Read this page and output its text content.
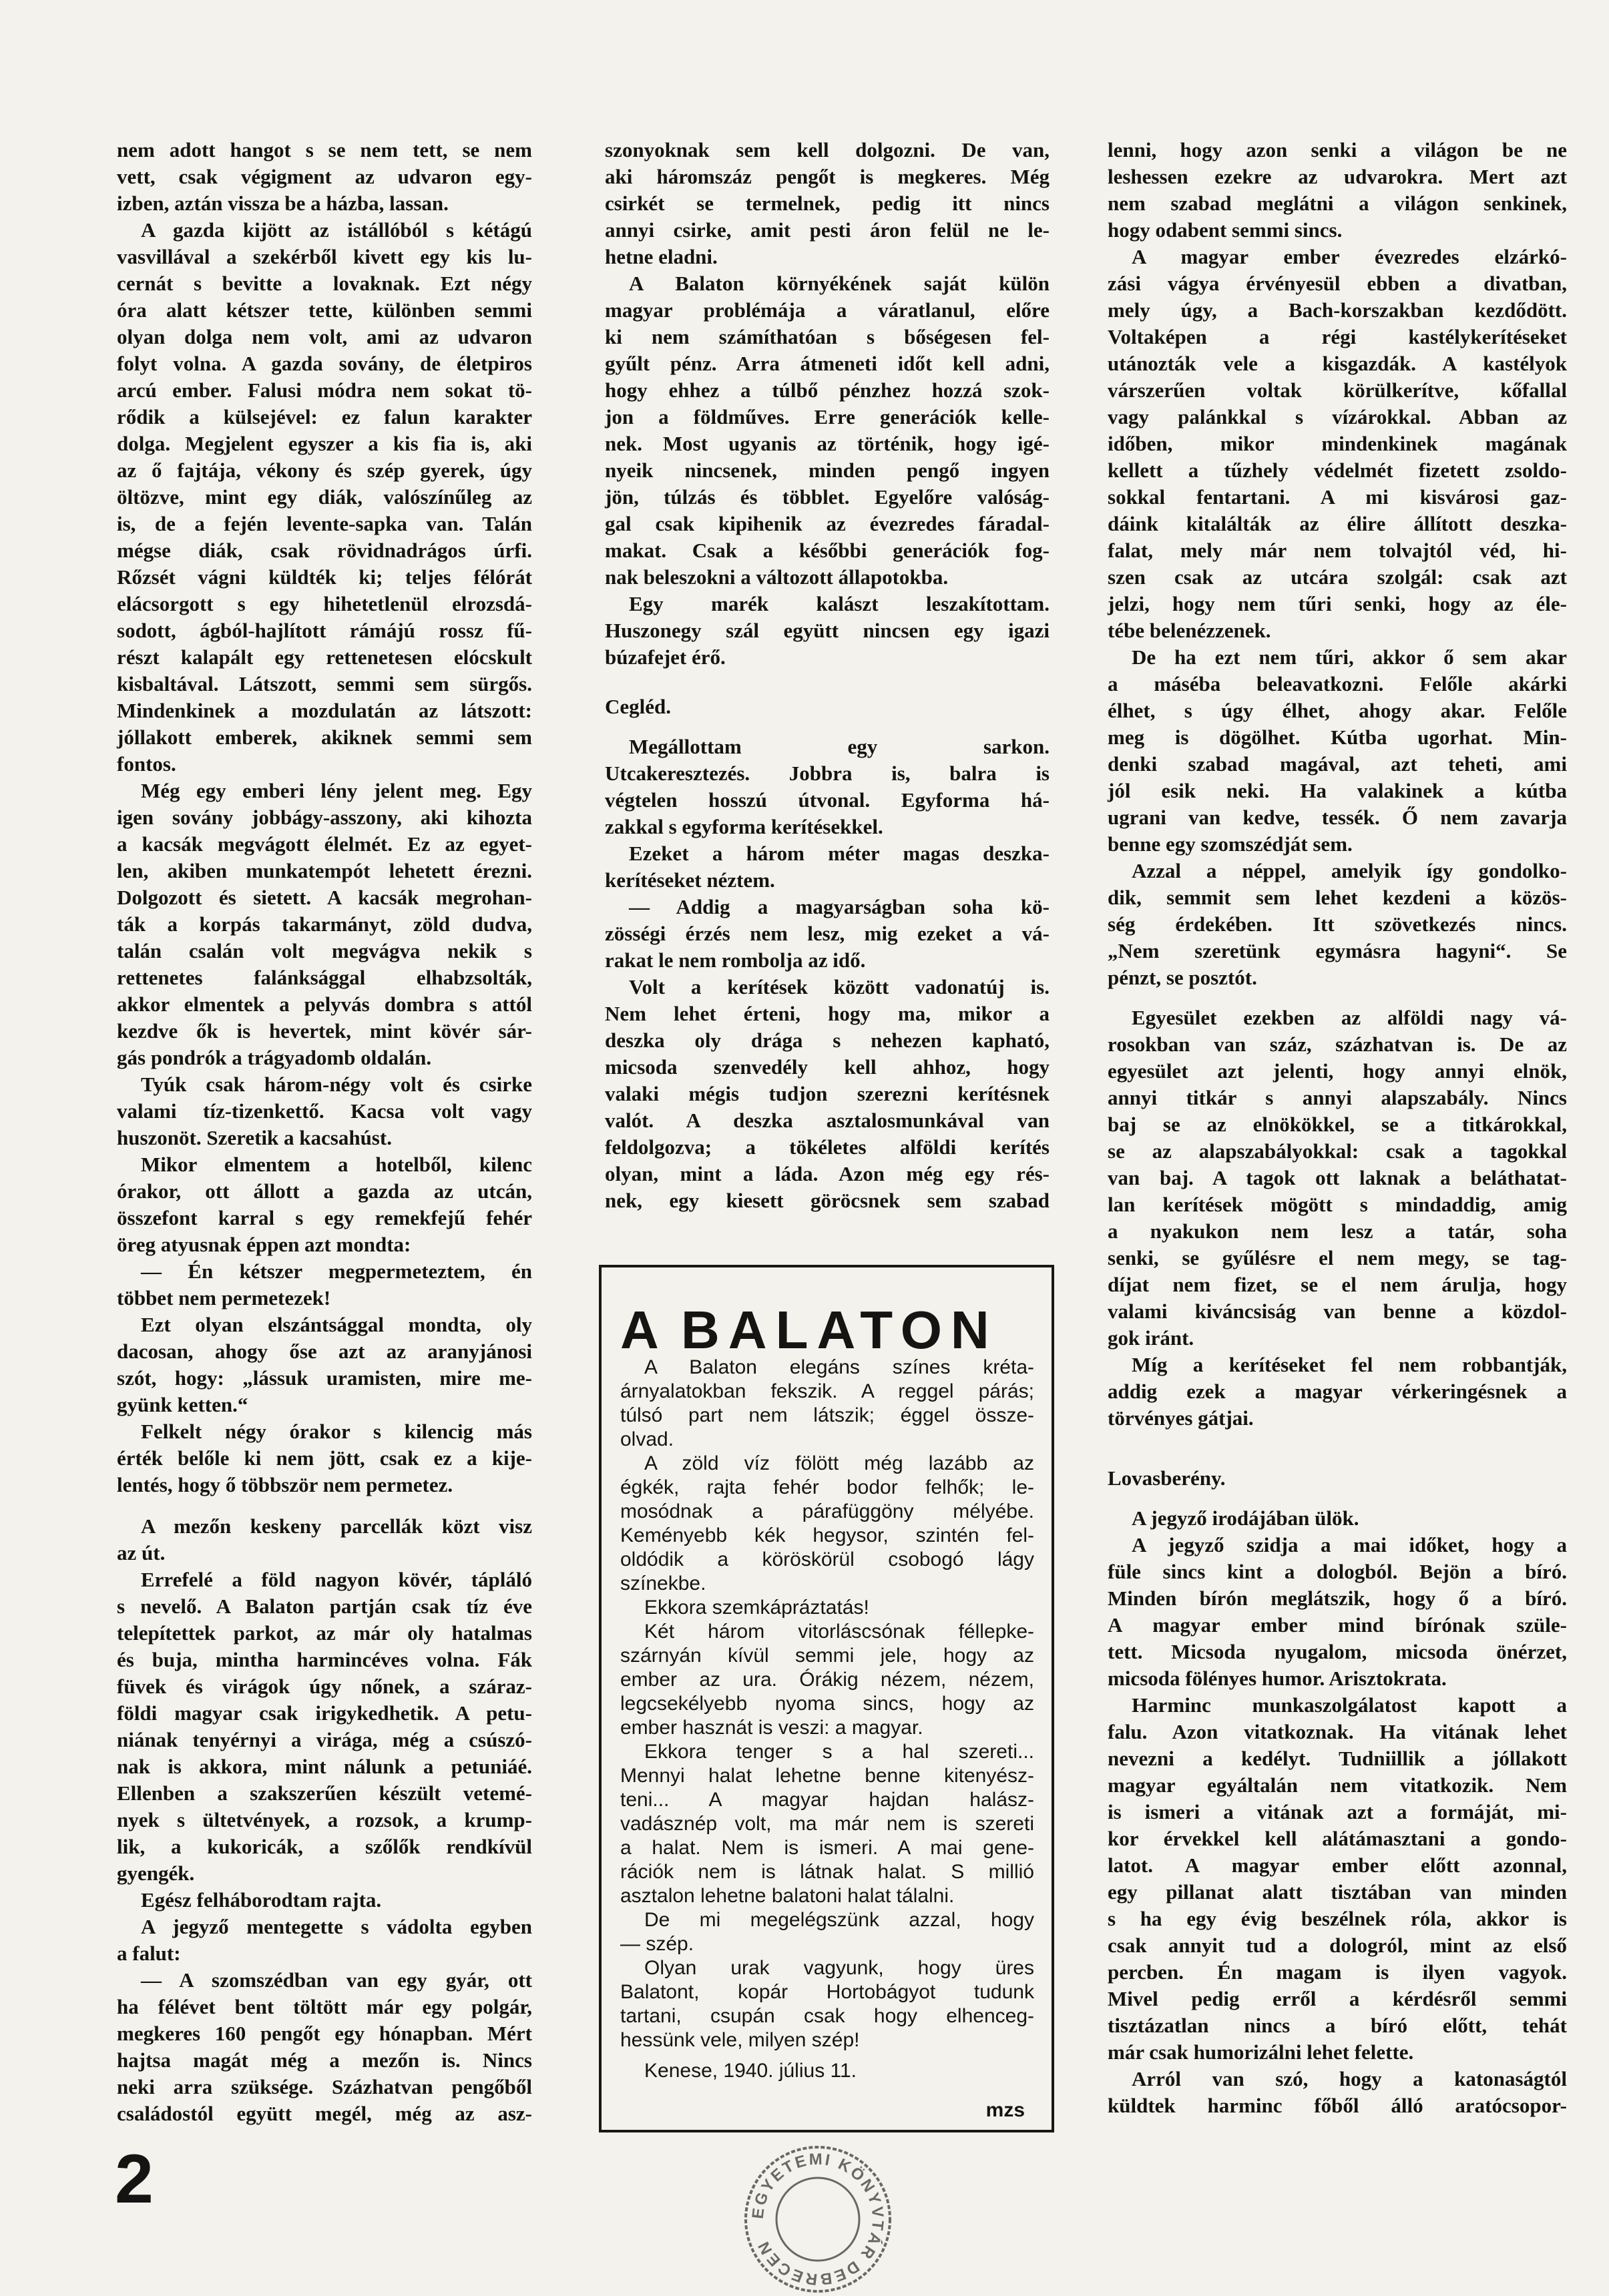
nem adott hangot s se nem tett, se nem
vett, csak végigment az udvaron egy-
izben, aztán vissza be a házba, lassan.
A gazda kijött az istállóból s kétágú
vasvillával a szekérből kivett egy kis lu-
cernát s bevitte a lovaknak. Ezt négy
óra alatt kétszer tette, különben semmi
olyan dolga nem volt, ami az udvaron
folyt volna. A gazda sovány, de életpiros
arcú ember. Falusi módra nem sokat tö-
rődik a külsejével: ez falun karakter
dolga. Megjelent egyszer a kis fia is, aki
az ő fajtája, vékony és szép gyerek, úgy
öltözve, mint egy diák, valószínűleg az
is, de a fején levente-sapka van. Talán
mégse diák, csak rövidnadrágos úrfi.
Rőzsét vágni küldték ki; teljes félórát
elácsorgott s egy hihetetlenül elrozsdá-
sodott, ágból-hajlított rámájú rossz fű-
részt kalapált egy rettenetesen elócskult
kisbaltával. Látszott, semmi sem sürgős.
Mindenkinek a mozdulatán az látszott:
jóllakott emberek, akiknek semmi sem
fontos.
Még egy emberi lény jelent meg. Egy
igen sovány jobbágy-asszony, aki kihozta
a kacsák megvágott élelmét. Ez az egyet-
len, akiben munkatempót lehetett érezni.
Dolgozott és sietett. A kacsák megrohan-
ták a korpás takarmányt, zöld dudva,
talán csalán volt megvágva nekik s
rettenetes falánksággal elhabzsolták,
akkor elmentek a pelyvás dombra s attól
kezdve ők is hevertek, mint kövér sár-
gás pondrók a trágyadomb oldalán.
Tyúk csak három-négy volt és csirke
valami tíz-tizenkettő. Kacsa volt vagy
huszonöt. Szeretik a kacsahúst.
Mikor elmentem a hotelből, kilenc
órakor, ott állott a gazda az utcán,
összefont karral s egy remekfejű fehér
öreg atyusnak éppen azt mondta:
— Én kétszer megpermeteztem, én
többet nem permetezek!
Ezt olyan elszántsággal mondta, oly
dacosan, ahogy őse azt az aranyjánosi
szót, hogy: „lássuk uramisten, mire me-
gyünk ketten.“
Felkelt négy órakor s kilencig más
érték belőle ki nem jött, csak ez a kije-
lentés, hogy ő többször nem permetez.
A mezőn keskeny parcellák közt visz
az út.
Errefelé a föld nagyon kövér, tápláló
s nevelő. A Balaton partján csak tíz éve
telepítettek parkot, az már oly hatalmas
és buja, mintha harmincéves volna. Fák
füvek és virágok úgy nőnek, a száraz-
földi magyar csak irigykedhetik. A petu-
niának tenyérnyi a virága, még a csúszó-
nak is akkora, mint nálunk a petuniáé.
Ellenben a szakszerűen készült vetemé-
nyek s ültetvények, a rozsok, a krump-
lik, a kukoricák, a szőlők rendkívül
gyengék.
Egész felháborodtam rajta.
A jegyző mentegette s vádolta egyben
a falut:
— A szomszédban van egy gyár, ott
ha félévet bent töltött már egy polgár,
megkeres 160 pengőt egy hónapban. Mért
hajtsa magát még a mezőn is. Nincs
neki arra szüksége. Százhatvan pengőből
családostól együtt megél, még az asz-
szonyoknak sem kell dolgozni. De van,
aki háromszáz pengőt is megkeres. Még
csirkét se termelnek, pedig itt nincs
annyi csirke, amit pesti áron felül ne le-
hetne eladni.
A Balaton környékének saját külön
magyar problémája a váratlanul, előre
ki nem számíthatóan s bőségesen fel-
gyűlt pénz. Arra átmeneti időt kell adni,
hogy ehhez a túlbő pénzhez hozzá szok-
jon a földműves. Erre generációk kelle-
nek. Most ugyanis az történik, hogy igé-
nyeik nincsenek, minden pengő ingyen
jön, túlzás és többlet. Egyelőre valóság-
gal csak kipihenik az évezredes fáradal-
makat. Csak a későbbi generációk fog-
nak beleszokni a változott állapotokba.
Egy marék kalászt leszakítottam.
Huszonegy szál együtt nincsen egy igazi
búzafejet érő.
Cegléd.
Megállottam egy sarkon.
Utcakeresztezés. Jobbra is, balra is
végtelen hosszú útvonal. Egyforma há-
zakkal s egyforma kerítésekkel.
Ezeket a három méter magas deszka-
kerítéseket néztem.
— Addig a magyarságban soha kö-
zösségi érzés nem lesz, mig ezeket a vá-
rakat le nem rombolja az idő.
Volt a kerítések között vadonatúj is.
Nem lehet érteni, hogy ma, mikor a
deszka oly drága s nehezen kapható,
micsoda szenvedély kell ahhoz, hogy
valaki mégis tudjon szerezni kerítésnek
valót. A deszka asztalosmunkával van
feldolgozva; a tökéletes alföldi kerítés
olyan, mint a láda. Azon még egy rés-
nek, egy kiesett göröcsnek sem szabad
lenni, hogy azon senki a világon be ne
leshessen ezekre az udvarokra. Mert azt
nem szabad meglátni a világon senkinek,
hogy odabent semmi sincs.
A magyar ember évezredes elzárkó-
zási vágya érvényesül ebben a divatban,
mely úgy, a Bach-korszakban kezdődött.
Voltaképen a régi kastélykerítéseket
utánozták vele a kisgazdák. A kastélyok
várszerűen voltak körülkerítve, kőfallal
vagy palánkkal s vízárokkal. Abban az
időben, mikor mindenkinek magának
kellett a tűzhely védelmét fizetett zsoldo-
sokkal fentartani. A mi kisvárosi gaz-
dáink kitalálták az élire állított deszka-
falat, mely már nem tolvajtól véd, hi-
szen csak az utcára szolgál: csak azt
jelzi, hogy nem tűri senki, hogy az éle-
tébe belenézzenek.
De ha ezt nem tűri, akkor ő sem akar
a máséba beleavatkozni. Felőle akárki
élhet, s úgy élhet, ahogy akar. Felőle
meg is dögölhet. Kútba ugorhat. Min-
denki szabad magával, azt teheti, ami
jól esik neki. Ha valakinek a kútba
ugrani van kedve, tessék. Ő nem zavarja
benne egy szomszédját sem.
Azzal a néppel, amelyik így gondolko-
dik, semmit sem lehet kezdeni a közös-
ség érdekében. Itt szövetkezés nincs.
„Nem szeretünk egymásra hagyni“. Se
pénzt, se posztót.
Egyesület ezekben az alföldi nagy vá-
rosokban van száz, százhatvan is. De az
egyesület azt jelenti, hogy annyi elnök,
annyi titkár s annyi alapszabály. Nincs
baj se az elnökökkel, se a titkárokkal,
se az alapszabályokkal: csak a tagokkal
van baj. A tagok ott laknak a beláthatat-
lan kerítések mögött s mindaddig, amig
a nyakukon nem lesz a tatár, soha
senki, se gyűlésre el nem megy, se tag-
díjat nem fizet, se el nem árulja, hogy
valami kiváncsiság van benne a közdol-
gok iránt.
Míg a kerítéseket fel nem robbantják,
addig ezek a magyar vérkeringésnek a
törvényes gátjai.
Lovasberény.
A jegyző irodájában ülök.
A jegyző szidja a mai időket, hogy a
füle sincs kint a dologból. Bejön a bíró.
Minden bírón meglátszik, hogy ő a bíró.
A magyar ember mind bírónak szüle-
tett. Micsoda nyugalom, micsoda önérzet,
micsoda fölényes humor. Arisztokrata.
Harminc munkaszolgálatost kapott a
falu. Azon vitatkoznak. Ha vitának lehet
nevezni a kedélyt. Tudniillik a jóllakott
magyar egyáltalán nem vitatkozik. Nem
is ismeri a vitának azt a formáját, mi-
kor érvekkel kell alátámasztani a gondo-
latot. A magyar ember előtt azonnal,
egy pillanat alatt tisztában van minden
s ha egy évig beszélnek róla, akkor is
csak annyit tud a dologról, mint az első
percben. Én magam is ilyen vagyok.
Mivel pedig erről a kérdésről semmi
tisztázatlan nincs a bíró előtt, tehát
már csak humorizálni lehet felette.
Arról van szó, hogy a katonaságtól
küldtek harminc főből álló aratócsopor-
A BALATON
A Balaton elegáns színes kréta-
árnyalatokban fekszik. A reggel párás;
túlsó part nem látszik; éggel össze-
olvad.
A zöld víz fölött még lazább az
égkék, rajta fehér bodor felhők; le-
mosódnak a párafüggöny mélyébe.
Keményebb kék hegysor, szintén fel-
oldódik a köröskörül csobogó lágy
színekbe.
Ekkora szemkápráztatás!
Két három vitorláscsónak féllepke-
szárnyán kívül semmi jele, hogy az
ember az ura. Órákig nézem, nézem,
legcsekélyebb nyoma sincs, hogy az
ember hasznát is veszi: a magyar.
Ekkora tenger s a hal szereti...
Mennyi halat lehetne benne kitenyész-
teni... A magyar hajdan halász-
vadásznép volt, ma már nem is szereti
a halat. Nem is ismeri. A mai gene-
rációk nem is látnak halat. S millió
asztalon lehetne balatoni halat tálalni.
De mi megelégszünk azzal, hogy
— szép.
Olyan urak vagyunk, hogy üres
Balatont, kopár Hortobágyot tudunk
tartani, csupán csak hogy elhenceg-
hessünk vele, milyen szép!
Kenese, 1940. július 11.
mzs
2	EGYETEMI KÖNYVTÁR DEBRECEN
